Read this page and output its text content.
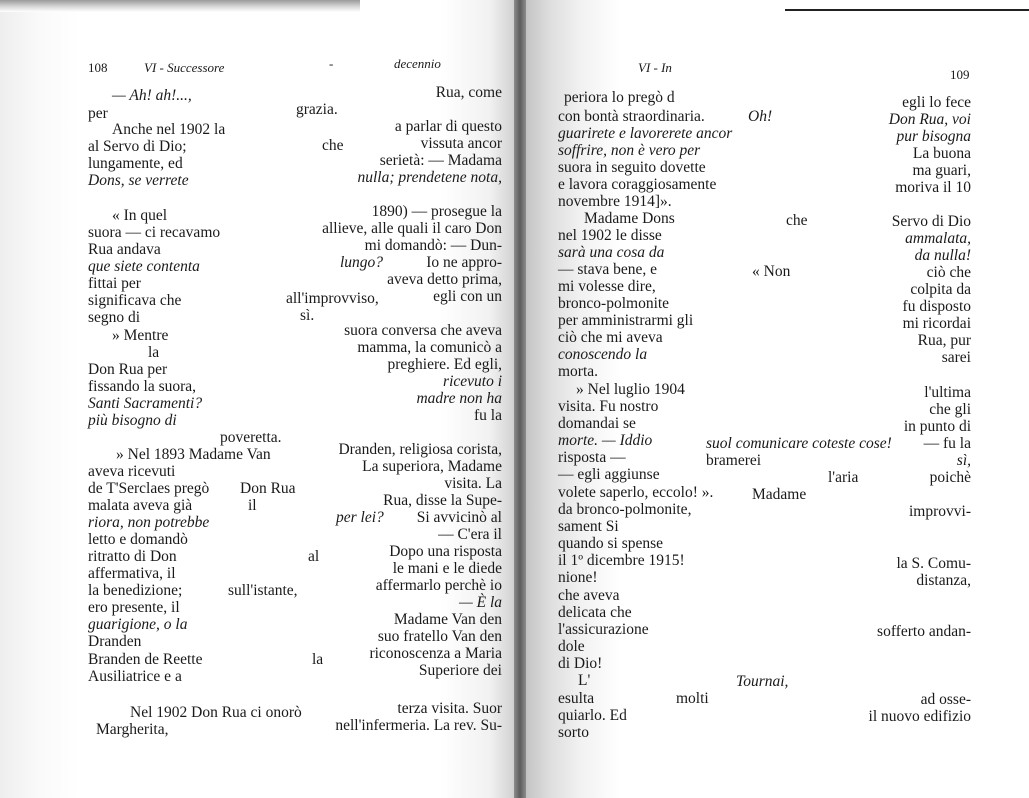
108	VI - Successore	-	decennio
— Ah! ah!...,
per
Anche nel 1902 la
al Servo di Dio;
lungamente, ed
Dons, se verrete
« In quel
suora — ci recavamo
Rua andava
que siete contenta
fittai per
significava che
segno di
» Mentre
la
Don Rua per
fissando la suora,
Santi Sacramenti?
più bisogno di
poveretta.
» Nel 1893 Madame Van
aveva ricevuti
de T'Serclaes pregò
malata aveva già
riora, non potrebbe
letto e domandò
ritratto di Don
affermativa, il
la benedizione;
ero presente, il
guarigione, o la
Dranden
Branden de Reette
Ausiliatrice e a
Nel 1902 Don Rua ci onorò
Margherita,
grazia.
che
all'improvviso,
sì.
Don Rua
il
al
sull'istante,
la
Rua, come
a parlar di questo
vissuta ancor
serietà: — Madama
nulla; prendetene nota,
1890) — prosegue la
allieve, alle quali il caro Don
mi domandò: — Dun-
lungo?	Io ne appro-
aveva detto prima,
egli con un
suora conversa che aveva
mamma, la comunicò a
preghiere. Ed egli,
ricevuto i
madre non ha
fu la
Dranden, religiosa corista,
La superiora, Madame
visita. La
Rua, disse la Supe-
per lei? Si avvicinò al
— C'era il
Dopo una risposta
le mani e le diede
affermarlo perchè io
— È la
Madame Van den
suo fratello Van den
riconoscenza a Maria
Superiore dei
terza visita. Suor
nell'infermeria. La rev. Su-
VI - In	109
periora lo pregò d
con bontà straordinaria.	Oh!
guarirete e lavorerete ancor
soffrire, non è vero per
suora in seguito dovette
e lavora coraggiosamente
novembre 1914]».
Madame Dons
nel 1902 le disse
sarà una cosa da
— stava bene, e
mi volesse dire,
bronco-polmonite
per amministrarmi gli
ciò che mi aveva
conoscendo la
morta.
» Nel luglio 1904
visita. Fu nostro
domandai se
morte. — Iddio
risposta —
— egli aggiunse
volete saperlo, eccolo! ».
da bronco-polmonite,
sament Si
quando si spense
il 1º dicembre 1915!
nione!
che aveva
delicata che
l'assicurazione
dole
di Dio!
L'
esulta
quiarlo. Ed
sorto
che
« Non
suol comunicare coteste cose!
bramerei
l'aria
Madame
Tournai,
molti
egli lo fece
Don Rua, voi
pur bisogna
La buona
ma guari,
moriva il 10
Servo di Dio
ammalata,
da nulla!
ciò che
colpita da
fu disposto
mi ricordai
Rua, pur
sarei
l'ultima
che gli
in punto di
— fu la
sì,
poichè
improvvi-
la S. Comu-
distanza,
sofferto andan-
ad osse-
il nuovo edifizio
